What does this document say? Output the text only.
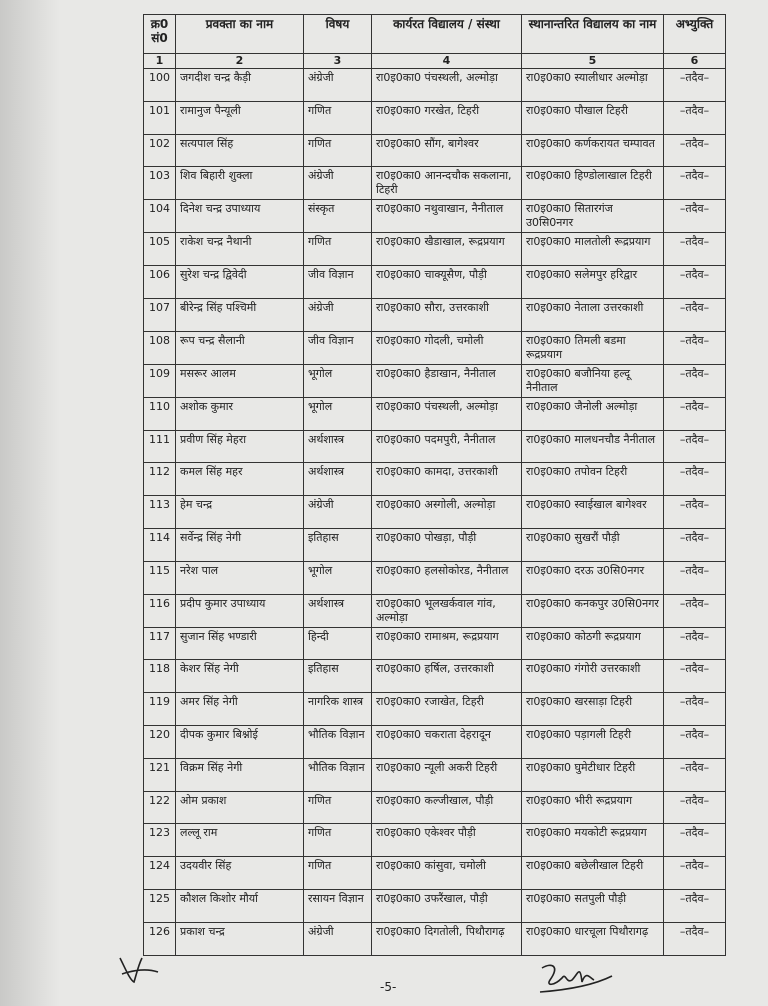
क्र0 सं0	प्रवक्ता का नाम	विषय	कार्यरत विद्यालय / संस्था	स्थानान्तरित विद्यालय का नाम	अभ्युक्ति
1	2	3	4	5	6
100	जगदीश चन्द्र कैड़ी	अंग्रेजी	रा0इ0का0 पंचस्थली, अल्मोड़ा	रा0इ0का0 स्यालीधार अल्मोड़ा	–तदैव–
101	रामानुज पैन्यूली	गणित	रा0इ0का0 गरखेत, टिहरी	रा0इ0का0 पौखाल टिहरी	–तदैव–
102	सत्यपाल सिंह	गणित	रा0इ0का0 सौंग, बागेश्वर	रा0इ0का0 कर्णकरायत चम्पावत	–तदैव–
103	शिव बिहारी शुक्ला	अंग्रेजी	रा0इ0का0 आनन्दचौक सकलाना, टिहरी	रा0इ0का0 हिण्डोलाखाल टिहरी	–तदैव–
104	दिनेश चन्द्र उपाध्याय	संस्कृत	रा0इ0का0 नथुवाखान, नैनीताल	रा0इ0का0 सितारगंज उ0सि0नगर	–तदैव–
105	राकेश चन्द्र नैथानी	गणित	रा0इ0का0 खैडाखाल, रूद्रप्रयाग	रा0इ0का0 मालतोली रूद्रप्रयाग	–तदैव–
106	सुरेश चन्द्र द्विवेदी	जीव विज्ञान	रा0इ0का0 चाक्यूसैण, पौड़ी	रा0इ0का0 सलेमपुर हरिद्वार	–तदैव–
107	बीरेन्द्र सिंह पश्चिमी	अंग्रेजी	रा0इ0का0 सौरा, उत्तरकाशी	रा0इ0का0 नेताला उत्तरकाशी	–तदैव–
108	रूप चन्द्र सैलानी	जीव विज्ञान	रा0इ0का0 गोदली, चमोली	रा0इ0का0 तिमली बडमा रूद्रप्रयाग	–तदैव–
109	मसरूर आलम	भूगोल	रा0इ0का0 हैडाखान, नैनीताल	रा0इ0का0 बजौनिया हल्दू नैनीताल	–तदैव–
110	अशोक कुमार	भूगोल	रा0इ0का0 पंचस्थली, अल्मोड़ा	रा0इ0का0 जैनोली अल्मोड़ा	–तदैव–
111	प्रवीण सिंह मेहरा	अर्थशास्त्र	रा0इ0का0 पदमपुरी, नैनीताल	रा0इ0का0 मालधनचौड नैनीताल	–तदैव–
112	कमल सिंह महर	अर्थशास्त्र	रा0इ0का0 कामदा, उत्तरकाशी	रा0इ0का0 तपोवन टिहरी	–तदैव–
113	हेम चन्द्र	अंग्रेजी	रा0इ0का0 अस्गोली, अल्मोड़ा	रा0इ0का0 स्वाईखाल बागेश्वर	–तदैव–
114	सर्वेन्द्र सिंह नेगी	इतिहास	रा0इ0का0 पोखड़ा, पौड़ी	रा0इ0का0 सुखरौं पौड़ी	–तदैव–
115	नरेश पाल	भूगोल	रा0इ0का0 हलसोकोरड, नैनीताल	रा0इ0का0 दरऊ उ0सि0नगर	–तदैव–
116	प्रदीप कुमार उपाध्याय	अर्थशास्त्र	रा0इ0का0 भूलखर्कवाल गांव, अल्मोड़ा	रा0इ0का0 कनकपुर उ0सि0नगर	–तदैव–
117	सुजान सिंह भण्डारी	हिन्दी	रा0इ0का0 रामाश्रम, रूद्रप्रयाग	रा0इ0का0 कोठगी रूद्रप्रयाग	–तदैव–
118	केशर सिंह नेगी	इतिहास	रा0इ0का0 हर्षिल, उत्तरकाशी	रा0इ0का0 गंगोरी उत्तरकाशी	–तदैव–
119	अमर सिंह नेगी	नागरिक शास्त्र	रा0इ0का0 रजाखेत, टिहरी	रा0इ0का0 खरसाड़ा टिहरी	–तदैव–
120	दीपक कुमार बिश्नोई	भौतिक विज्ञान	रा0इ0का0 चकराता देहरादून	रा0इ0का0 पड़ागली टिहरी	–तदैव–
121	विक्रम सिंह नेगी	भौतिक विज्ञान	रा0इ0का0 न्यूली अकरी टिहरी	रा0इ0का0 घुमेटीधार टिहरी	–तदैव–
122	ओम प्रकाश	गणित	रा0इ0का0 कल्जीखाल, पौड़ी	रा0इ0का0 भीरी रूद्रप्रयाग	–तदैव–
123	लल्लू राम	गणित	रा0इ0का0 एकेश्वर पौड़ी	रा0इ0का0 मयकोटी रूद्रप्रयाग	–तदैव–
124	उदयवीर सिंह	गणित	रा0इ0का0 कांसुवा, चमोली	रा0इ0का0 बछेलीखाल टिहरी	–तदैव–
125	कौशल किशोर मौर्या	रसायन विज्ञान	रा0इ0का0 उफरैंखाल, पौड़ी	रा0इ0का0 सतपुली पौड़ी	–तदैव–
126	प्रकाश चन्द्र	अंग्रेजी	रा0इ0का0 दिगतोली, पिथौरागढ़	रा0इ0का0 धारचूला पिथौरागढ़	–तदैव–
-5-
